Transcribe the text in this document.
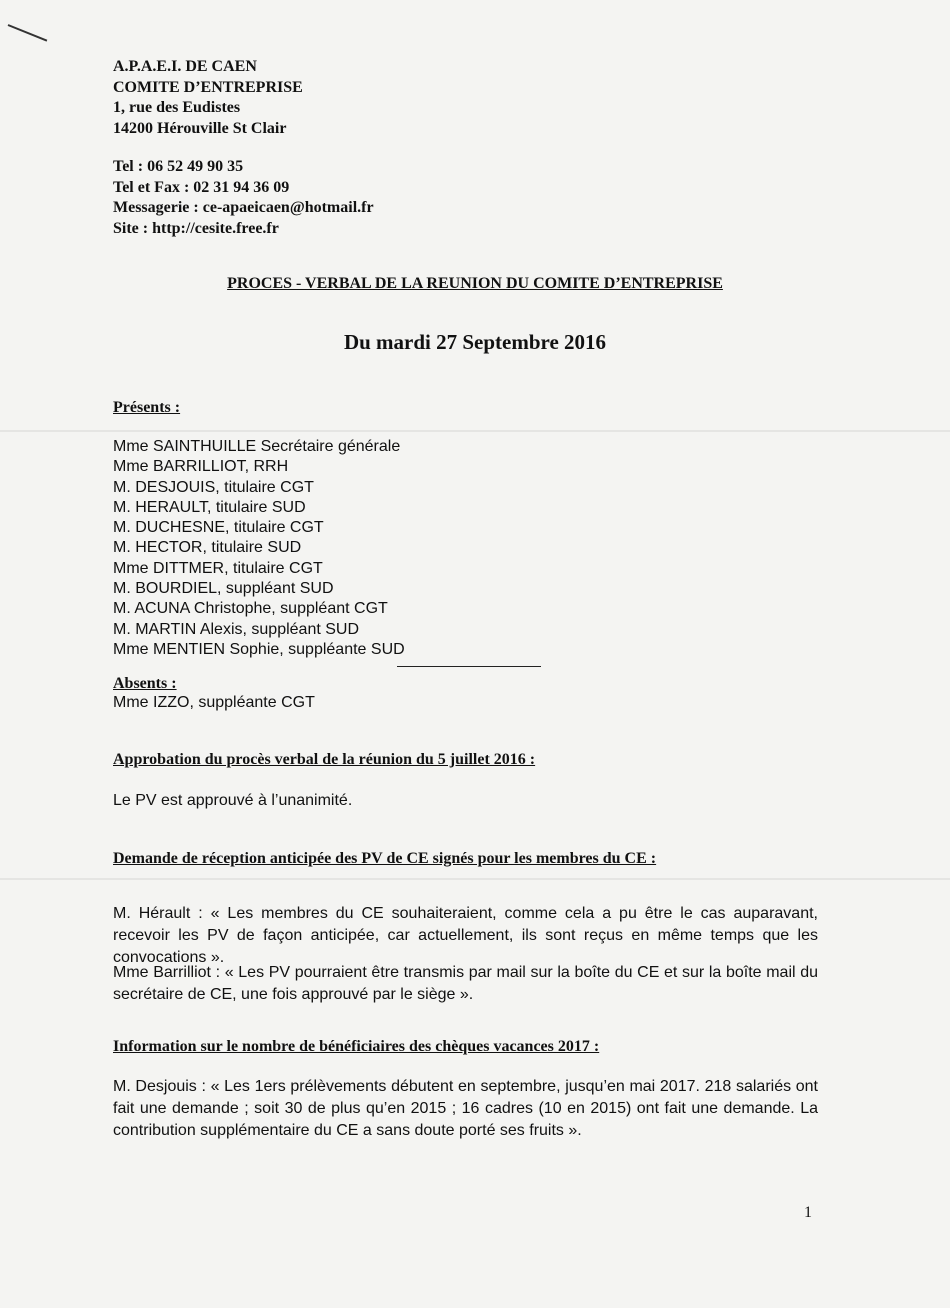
A.P.A.E.I. DE CAEN
COMITE D’ENTREPRISE
1, rue des Eudistes
14200 Hérouville St Clair
Tel : 06 52 49 90 35
Tel et Fax : 02 31 94 36 09
Messagerie : ce-apaeicaen@hotmail.fr
Site : http://cesite.free.fr
PROCES - VERBAL DE LA REUNION DU COMITE D’ENTREPRISE
Du mardi 27 Septembre 2016
Présents :
Mme SAINTHUILLE Secrétaire générale
Mme BARRILLIOT, RRH
M. DESJOUIS, titulaire CGT
M. HERAULT, titulaire SUD
M. DUCHESNE, titulaire CGT
M. HECTOR, titulaire SUD
Mme DITTMER, titulaire CGT
M. BOURDIEL, suppléant SUD
M. ACUNA Christophe, suppléant CGT
M. MARTIN Alexis, suppléant SUD
Mme MENTIEN Sophie, suppléante SUD
Absents :
Mme IZZO, suppléante CGT
Approbation du procès verbal de la réunion du 5 juillet 2016 :
Le PV est approuvé à l’unanimité.
Demande de réception anticipée des PV de CE signés pour les membres du CE :
M. Hérault : « Les membres du CE souhaiteraient, comme cela a pu être le cas auparavant, recevoir les PV de façon anticipée, car actuellement, ils sont reçus en même temps que les convocations ».
Mme Barrilliot : « Les PV pourraient être transmis par mail sur la boîte du CE et sur la boîte mail du secrétaire de CE, une fois approuvé par le siège ».
Information sur le nombre de bénéficiaires des chèques vacances 2017 :
M. Desjouis : « Les 1ers prélèvements débutent en septembre, jusqu’en mai 2017. 218 salariés ont fait une demande ; soit 30 de plus qu’en 2015 ; 16 cadres (10 en 2015) ont fait une demande. La contribution supplémentaire du CE a sans doute porté ses fruits ».
1
